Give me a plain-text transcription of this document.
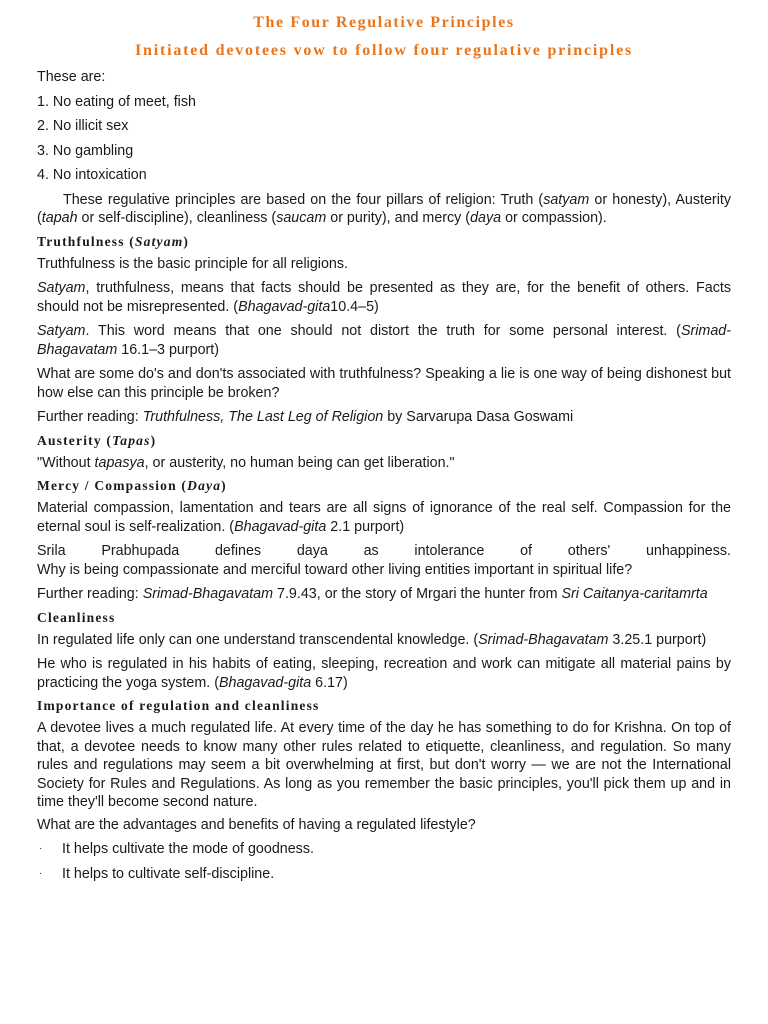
The Four Regulative Principles
Initiated devotees vow to follow four regulative principles

These are:

1. No eating of meet, fish

2. No illicit sex

3. No gambling

4. No intoxication

These regulative principles are based on the four pillars of religion: Truth (satyam or honesty), Austerity (tapah or self-discipline), cleanliness (saucam or purity), and mercy (daya or compassion).

Truthfulness (Satyam)

Truthfulness is the basic principle for all religions.

Satyam, truthfulness, means that facts should be presented as they are, for the benefit of others. Facts should not be misrepresented. (Bhagavad-gita10.4–5)

Satyam. This word means that one should not distort the truth for some personal interest. (Srimad-Bhagavatam 16.1–3 purport)

What are some do's and don'ts associated with truthfulness? Speaking a lie is one way of being dishonest but how else can this principle be broken?

Further reading: Truthfulness, The Last Leg of Religion by Sarvarupa Dasa Goswami

Austerity (Tapas)

"Without tapasya, or austerity, no human being can get liberation."

Mercy / Compassion (Daya)

Material compassion, lamentation and tears are all signs of ignorance of the real self. Compassion for the eternal soul is self-realization. (Bhagavad-gita 2.1 purport)

Srila Prabhupada defines daya as intolerance of others' unhappiness.

Why is being compassionate and merciful toward other living entities important in spiritual life?

Further reading: Srimad-Bhagavatam 7.9.43, or the story of Mrgari the hunter from Sri Caitanya-caritamrta

Cleanliness

In regulated life only can one understand transcendental knowledge. (Srimad-Bhagavatam 3.25.1 purport)

He who is regulated in his habits of eating, sleeping, recreation and work can mitigate all material pains by practicing the yoga system. (Bhagavad-gita 6.17)

Importance of regulation and cleanliness

A devotee lives a much regulated life. At every time of the day he has something to do for Krishna. On top of that, a devotee needs to know many other rules related to etiquette, cleanliness, and regulation. So many rules and regulations may seem a bit overwhelming at first, but don't worry — we are not the International Society for Rules and Regulations. As long as you remember the basic principles, you'll pick them up and in time they'll become second nature.

What are the advantages and benefits of having a regulated lifestyle?

· It helps cultivate the mode of goodness.

· It helps to cultivate self-discipline.
